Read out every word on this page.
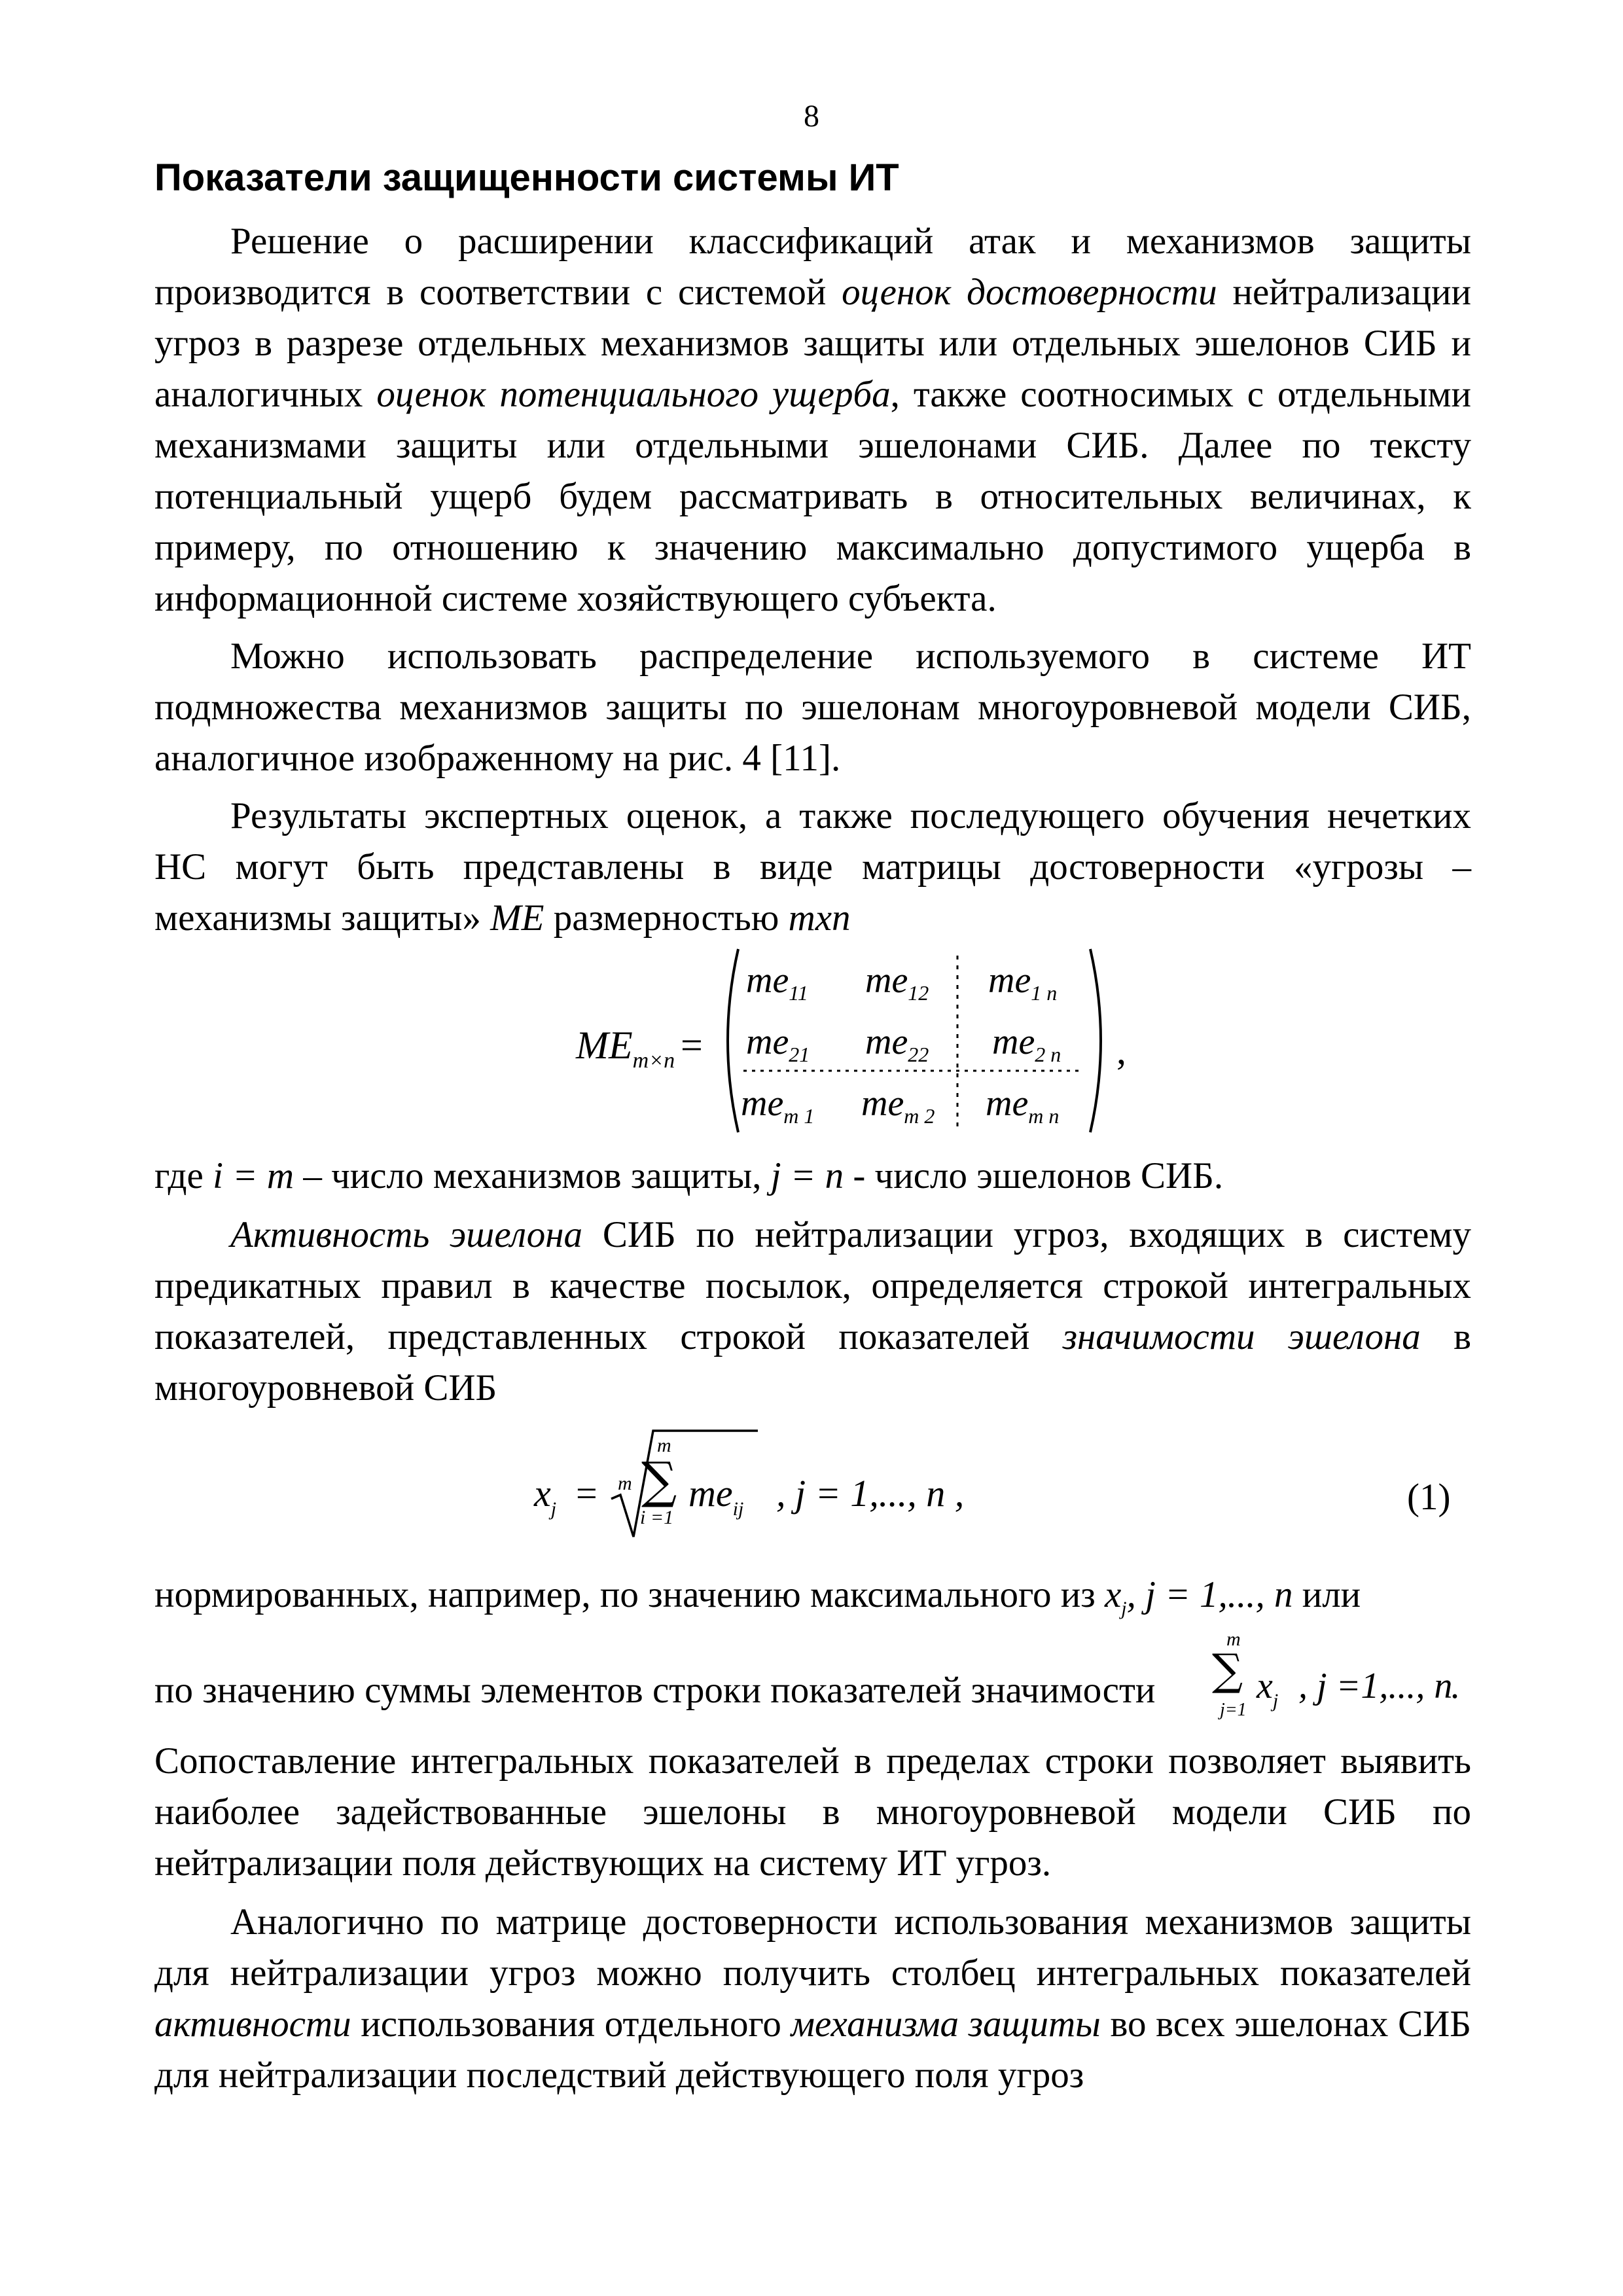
8
Показатели защищенности системы ИТ

Решение о расширении классификаций атак и механизмов защиты производится в соответствии с системой оценок достоверности нейтрализации угроз в разрезе отдельных механизмов защиты или отдельных эшелонов СИБ и аналогичных оценок потенциального ущерба, также соотносимых с отдельными механизмами защиты или отдельными эшелонами СИБ. Далее по тексту потенциальный ущерб будем рассматривать в относительных величинах, к примеру, по отношению к значению максимально допустимого ущерба в информационной системе хозяйствующего субъекта.

Можно использовать распределение используемого в системе ИТ подмножества механизмов защиты по эшелонам многоуровневой модели СИБ, аналогичное изображенному на рис. 4 [11].

Результаты экспертных оценок, а также последующего обучения нечетких НС могут быть представлены в виде матрицы достоверности «угрозы – механизмы защиты» ME размерностью mxn

$ME_{m\times n}$ =
$me_{11}$ $me_{12}$ $me_{1 n}$
$me_{21}$ $me_{22}$ $me_{2 n}$
$me_{m 1}$ $me_{m 2}$ $me_{m n}$
,

где i = m – число механизмов защиты, j = n - число эшелонов СИБ.

Активность эшелона СИБ по нейтрализации угроз, входящих в систему предикатных правил в качестве посылок, определяется строкой интегральных показателей, представленных строкой показателей значимости эшелона в многоуровневой СИБ

$x_j = m$
m
∑
i =1
$me_{ij}$ , j = 1,..., n ,	(1)
нормированных, например, по значению максимального из $x_j$, j = 1,..., n или
по значению суммы элементов строки показателей значимости
m
∑
j=1
$x_j$ , j =1,..., n
.

Сопоставление интегральных показателей в пределах строки позволяет выявить наиболее задействованные эшелоны в многоуровневой модели СИБ по нейтрализации поля действующих на систему ИТ угроз.

Аналогично по матрице достоверности использования механизмов защиты для нейтрализации угроз можно получить столбец интегральных показателей активности использования отдельного механизма защиты во всех эшелонах СИБ для нейтрализации последствий действующего поля угроз
